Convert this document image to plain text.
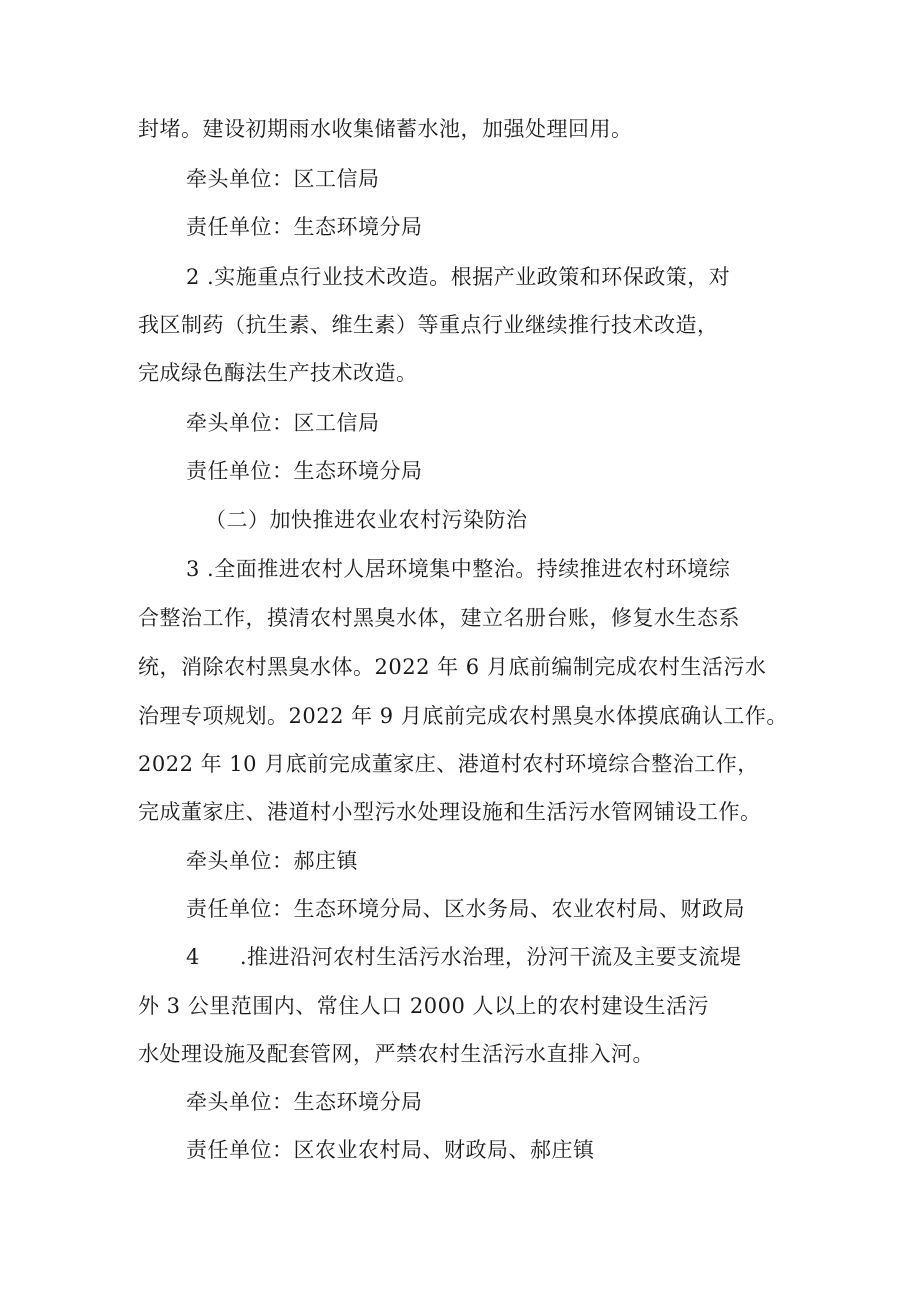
封堵。建设初期雨水收集储蓄水池，加强处理回用。
牵头单位：区工信局
责任单位：生态环境分局
2 .实施重点行业技术改造。根据产业政策和环保政策，对
我区制药（抗生素、维生素）等重点行业继续推行技术改造，
完成绿色酶法生产技术改造。
牵头单位：区工信局
责任单位：生态环境分局
（二）加快推进农业农村污染防治
3 .全面推进农村人居环境集中整治。持续推进农村环境综
合整治工作，摸清农村黑臭水体，建立名册台账，修复水生态系
统，消除农村黑臭水体。2022 年 6 月底前编制完成农村生活污水
治理专项规划。2022 年 9 月底前完成农村黑臭水体摸底确认工作。
2022 年 10 月底前完成董家庄、港道村农村环境综合整治工作，
完成董家庄、港道村小型污水处理设施和生活污水管网铺设工作。
牵头单位：郝庄镇
责任单位：生态环境分局、区水务局、农业农村局、财政局
4 .推进沿河农村生活污水治理，汾河干流及主要支流堤
外 3 公里范围内、常住人口 2000 人以上的农村建设生活污
水处理设施及配套管网，严禁农村生活污水直排入河。
牵头单位：生态环境分局
责任单位：区农业农村局、财政局、郝庄镇
